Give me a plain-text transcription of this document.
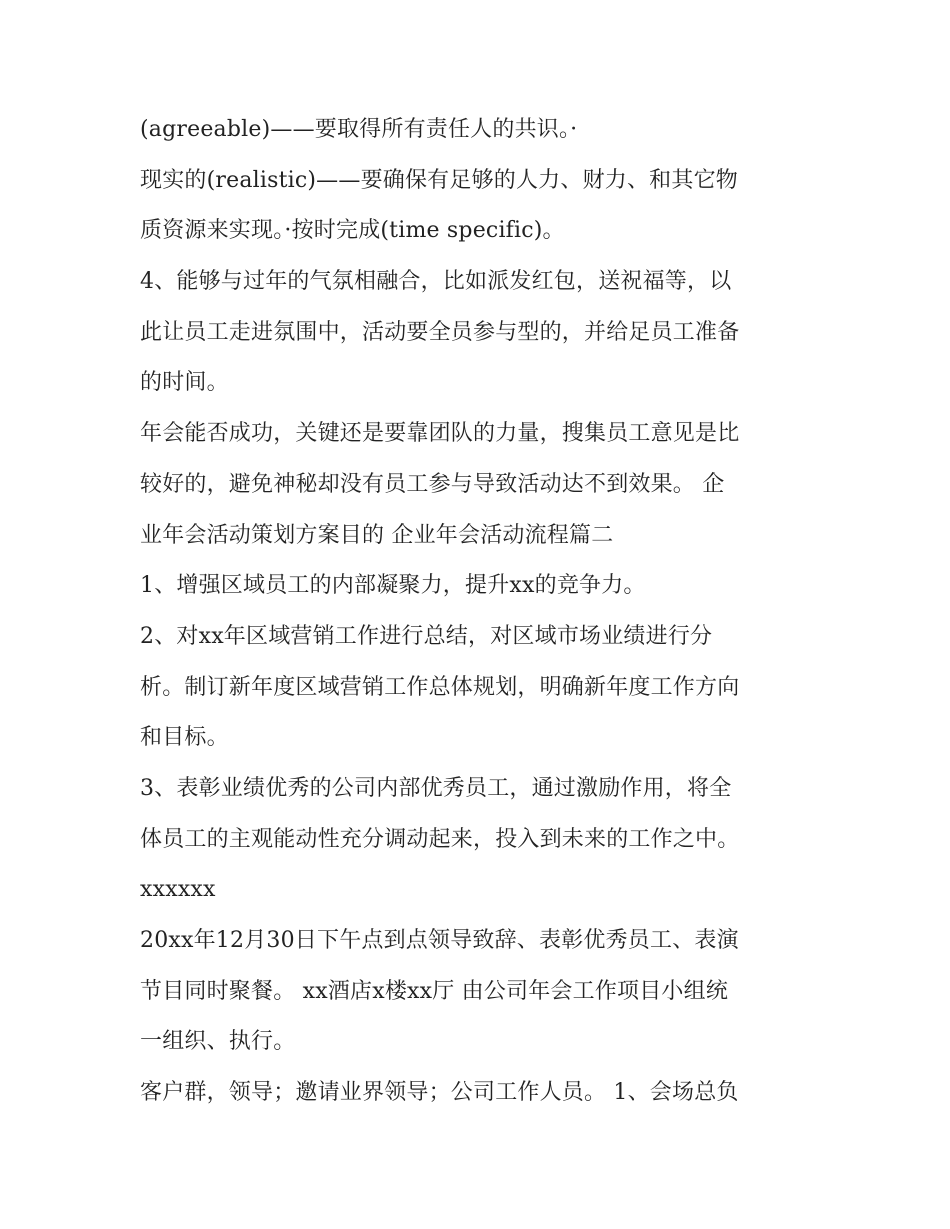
(agreeable)——要取得所有责任人的共识。·
现实的(realistic)——要确保有足够的人力、财力、和其它物
质资源来实现。·按时完成(time specific)。
4、能够与过年的气氛相融合，比如派发红包，送祝福等，以
此让员工走进氛围中，活动要全员参与型的，并给足员工准备
的时间。
年会能否成功，关键还是要靠团队的力量，搜集员工意见是比
较好的，避免神秘却没有员工参与导致活动达不到效果。 企
业年会活动策划方案目的 企业年会活动流程篇二
1、增强区域员工的内部凝聚力，提升xx的竞争力。
2、对xx年区域营销工作进行总结，对区域市场业绩进行分
析。制订新年度区域营销工作总体规划，明确新年度工作方向
和目标。
3、表彰业绩优秀的公司内部优秀员工，通过激励作用，将全
体员工的主观能动性充分调动起来，投入到未来的工作之中。
xxxxxx
20xx年12月30日下午点到点领导致辞、表彰优秀员工、表演
节目同时聚餐。 xx酒店x楼xx厅 由公司年会工作项目小组统
一组织、执行。
客户群，领导；邀请业界领导；公司工作人员。 1、会场总负
